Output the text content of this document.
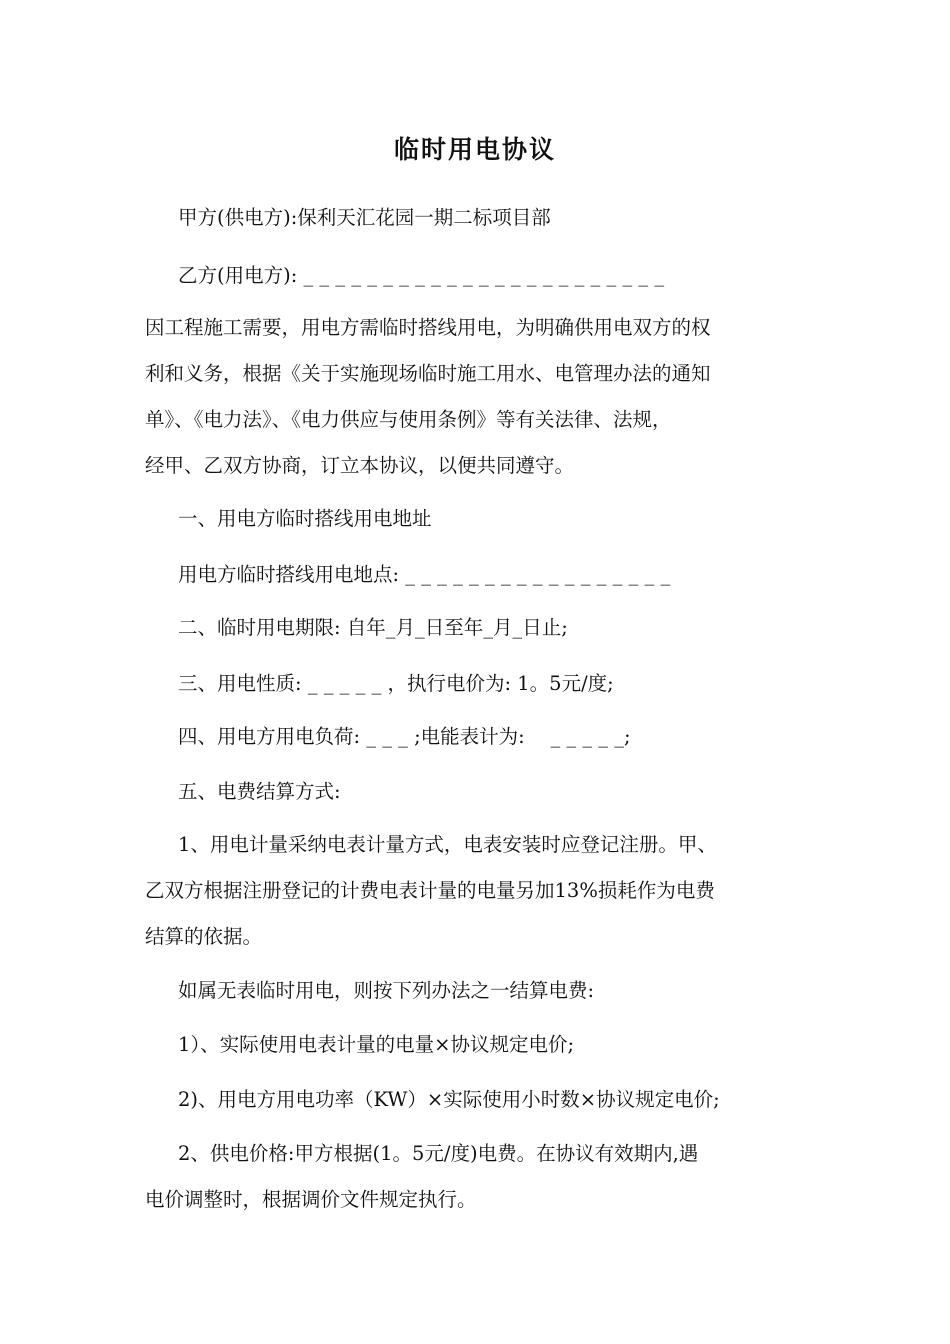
临时用电协议
甲方(供电方):保利天汇花园一期二标项目部
乙方(用电方): _ _ _ _ _ _ _ _ _ _ _ _ _ _ _ _ _ _ _ _ _ _ _
因工程施工需要，用电方需临时搭线用电，为明确供用电双方的权
利和义务，根据《关于实施现场临时施工用水、电管理办法的通知
单》、《电力法》、《电力供应与使用条例》等有关法律、法规，
经甲、乙双方协商，订立本协议，以便共同遵守。
一、用电方临时搭线用电地址
用电方临时搭线用电地点: _ _ _ _ _ _ _ _ _ _ _ _ _ _ _ _ _
二、临时用电期限: 自年_月_日至年_月_日止;
三、用电性质: _ _ _ _ _ ，执行电价为: 1。5元/度;
四、用电方用电负荷: _ _ _ ;电能表计为:　 _ _ _ _ _;
五、电费结算方式:
1、用电计量采纳电表计量方式，电表安装时应登记注册。甲、
乙双方根据注册登记的计费电表计量的电量另加13%损耗作为电费
结算的依据。
如属无表临时用电，则按下列办法之一结算电费:
1）、实际使用电表计量的电量×协议规定电价;
2)、用电方用电功率（KW）×实际使用小时数×协议规定电价;
2、供电价格:甲方根据(1。5元/度)电费。在协议有效期内,遇
电价调整时，根据调价文件规定执行。
